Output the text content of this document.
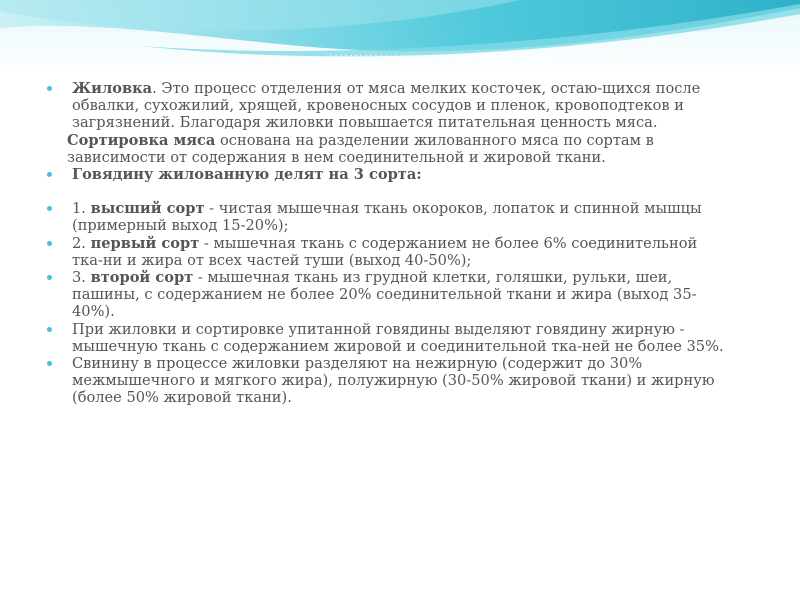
Жиловка. Это процесс отделения от мяса мелких косточек, остаю-щихся после обвалки, сухожилий, хрящей, кровеносных сосудов и пленок, кровоподтеков и загрязнений. Благодаря жиловки повышается питательная ценность мяса.
Сортировка мяса основана на разделении жилованного мяса по сортам в зависимости от содержания в нем соединительной и жировой ткани.
Говядину жилованную делят на 3 сорта:
1. высший сорт - чистая мышечная ткань окороков, лопаток и спинной мышцы (примерный выход 15-20%);
2. первый сорт - мышечная ткань с содержанием не более 6% соединительной тка-ни и жира от всех частей туши (выход 40-50%);
3. второй сорт - мышечная ткань из грудной клетки, голяшки, рульки, шеи, пашины, с содержанием не более 20% соединительной ткани и жира (выход 35-40%).
При жиловки и сортировке упитанной говядины выделяют говядину жирную - мышечную ткань с содержанием жировой и соединительной тка-ней не более 35%.
Свинину в процессе жиловки разделяют на нежирную (содержит до 30% межмышечного и мягкого жира), полужирную (30-50% жировой ткани) и жирную (более 50% жировой ткани).
